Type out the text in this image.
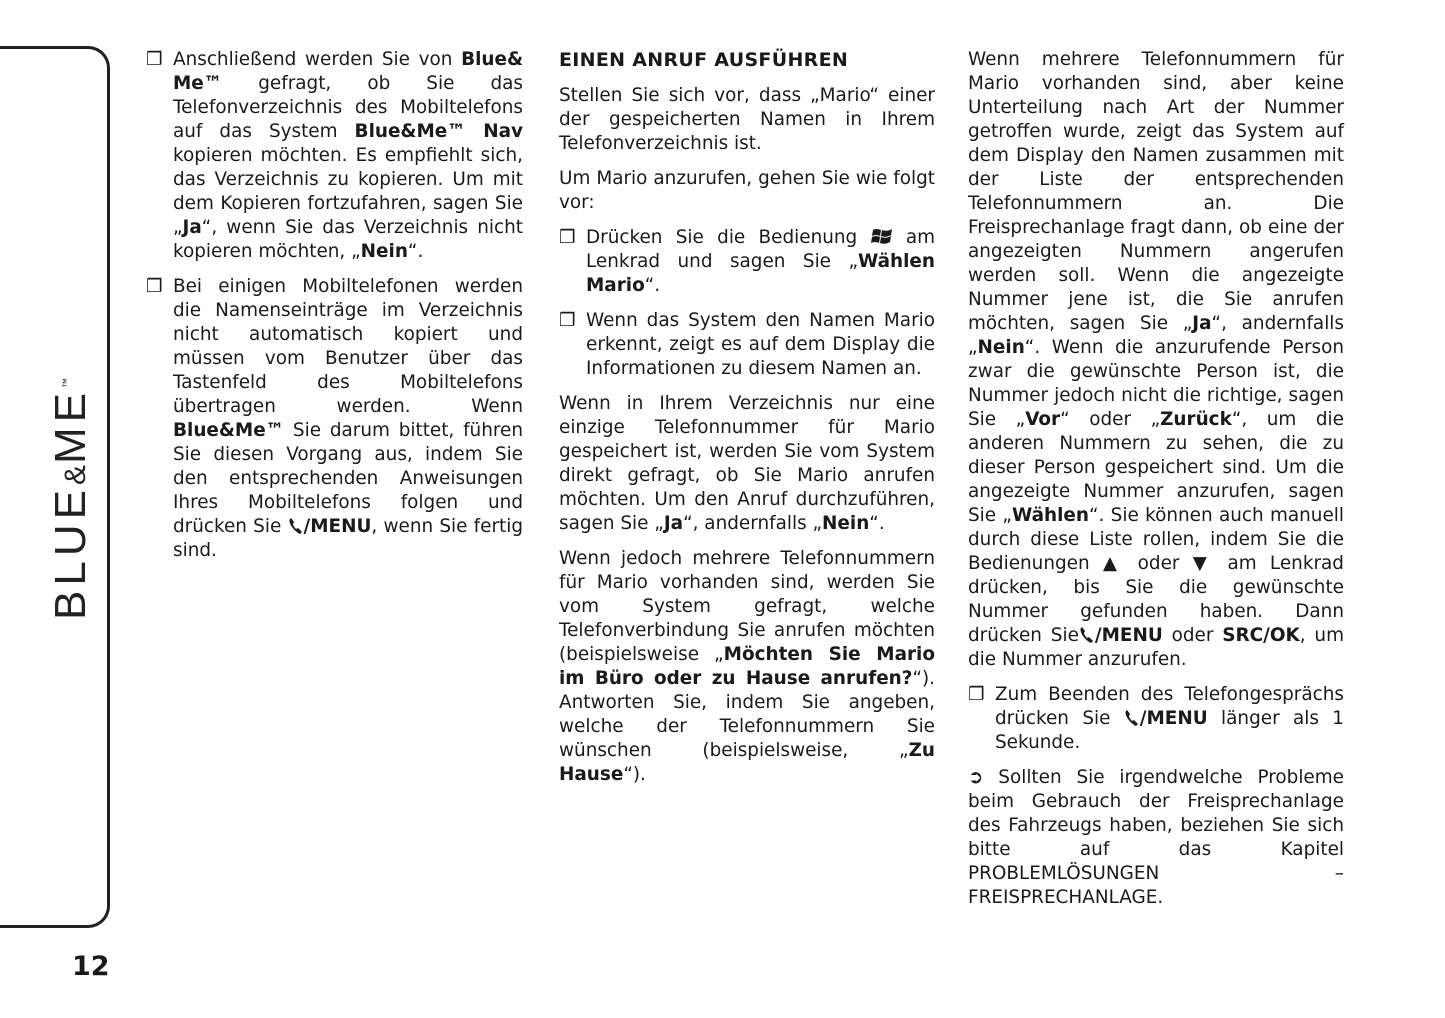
BLUE&ME™
12

❒ Anschließend werden Sie von Blue& Me™ gefragt, ob Sie das Telefonverzeichnis des Mobiltelefons auf das System Blue&Me™ Nav kopieren möchten. Es empfiehlt sich, das Verzeichnis zu kopieren. Um mit dem Kopieren fortzufahren, sagen Sie „Ja“, wenn Sie das Verzeichnis nicht kopieren möchten, „Nein“.

❒ Bei einigen Mobiltelefonen werden die Namenseinträge im Verzeichnis nicht automatisch kopiert und müssen vom Benutzer über das Tastenfeld des Mobiltelefons übertragen werden. Wenn Blue&Me™ Sie darum bittet, führen Sie diesen Vorgang aus, indem Sie den entsprechenden Anweisungen Ihres Mobiltelefons folgen und drücken Sie /MENU, wenn Sie fertig sind.

EINEN ANRUF AUSFÜHREN

Stellen Sie sich vor, dass „Mario“ einer der gespeicherten Namen in Ihrem Telefonverzeichnis ist.

Um Mario anzurufen, gehen Sie wie folgt vor:

❒ Drücken Sie die Bedienung  am Lenkrad und sagen Sie „Wählen Mario“.

❒ Wenn das System den Namen Mario erkennt, zeigt es auf dem Display die Informationen zu diesem Namen an.

Wenn in Ihrem Verzeichnis nur eine einzige Telefonnummer für Mario gespeichert ist, werden Sie vom System direkt gefragt, ob Sie Mario anrufen möchten. Um den Anruf durchzuführen, sagen Sie „Ja“, andernfalls „Nein“.

Wenn jedoch mehrere Telefonnummern für Mario vorhanden sind, werden Sie vom System gefragt, welche Telefonverbindung Sie anrufen möchten (beispielsweise „Möchten Sie Mario im Büro oder zu Hause anrufen?“). Antworten Sie, indem Sie angeben, welche der Telefonnummern Sie wünschen (beispielsweise, „Zu Hause“).

Wenn mehrere Telefonnummern für Mario vorhanden sind, aber keine Unterteilung nach Art der Nummer getroffen wurde, zeigt das System auf dem Display den Namen zusammen mit der Liste der entsprechenden Telefonnummern an. Die Freisprechanlage fragt dann, ob eine der angezeigten Nummern angerufen werden soll. Wenn die angezeigte Nummer jene ist, die Sie anrufen möchten, sagen Sie „Ja“, andernfalls „Nein“. Wenn die anzurufende Person zwar die gewünschte Person ist, die Nummer jedoch nicht die richtige, sagen Sie „Vor“ oder „Zurück“, um die anderen Nummern zu sehen, die zu dieser Person gespeichert sind. Um die angezeigte Nummer anzurufen, sagen Sie „Wählen“. Sie können auch manuell durch diese Liste rollen, indem Sie die Bedienungen ▲ oder ▼ am Lenkrad drücken, bis Sie die gewünschte Nummer gefunden haben. Dann drücken Sie /MENU oder SRC/OK, um die Nummer anzurufen.

❒ Zum Beenden des Telefongesprächs drücken Sie /MENU länger als 1 Sekunde.

➲ Sollten Sie irgendwelche Probleme beim Gebrauch der Freisprechanlage des Fahrzeugs haben, beziehen Sie sich bitte auf das Kapitel PROBLEMLÖSUNGEN – FREISPRECHANLAGE.
